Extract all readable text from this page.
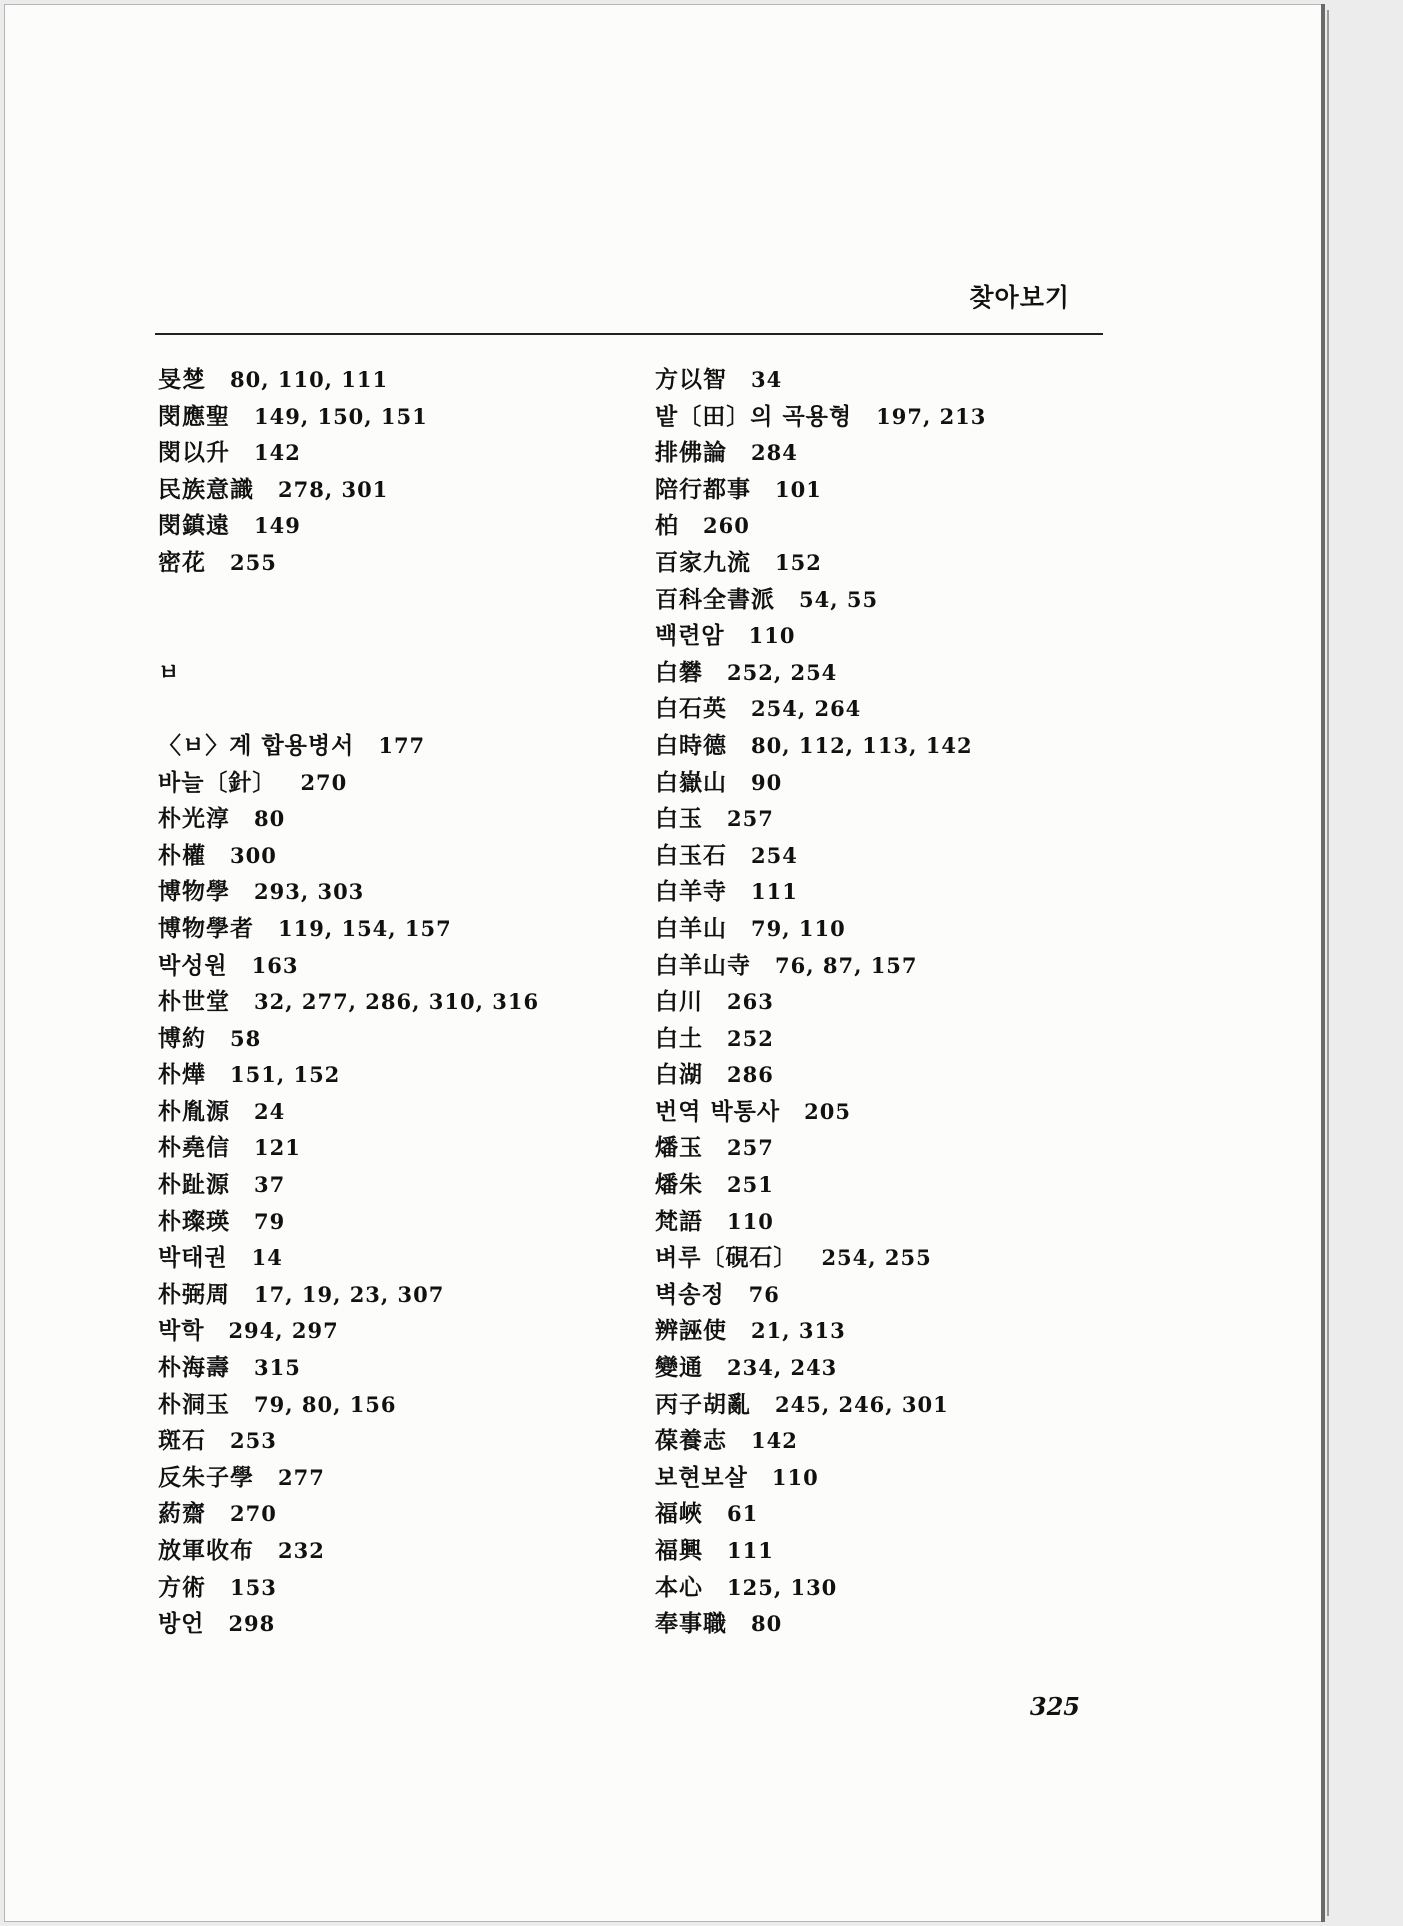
찾아보기
旻椘 80, 110, 111
閔應聖 149, 150, 151
閔以升 142
民族意識 278, 301
閔鎮遠 149
密花 255
ㅂ
〈ㅂ〉계 합용병서 177
바늘〔針〕 270
朴光淳 80
朴權 300
博物學 293, 303
博物學者 119, 154, 157
박성원 163
朴世堂 32, 277, 286, 310, 316
博約 58
朴燁 151, 152
朴胤源 24
朴堯信 121
朴趾源 37
朴璨瑛 79
박태권 14
朴弼周 17, 19, 23, 307
박학 294, 297
朴海壽 315
朴洞玉 79, 80, 156
斑石 253
反朱子學 277
葯齋 270
放軍收布 232
方術 153
방언 298
方以智 34
밭〔田〕의 곡용형 197, 213
排佛論 284
陪行都事 101
柏 260
百家九流 152
百科全書派 54, 55
백련암 110
白礬 252, 254
白石英 254, 264
白時德 80, 112, 113, 142
白嶽山 90
白玉 257
白玉石 254
白羊寺 111
白羊山 79, 110
白羊山寺 76, 87, 157
白川 263
白土 252
白湖 286
번역 박통사 205
燔玉 257
燔朱 251
梵語 110
벼루〔硯石〕 254, 255
벽송정 76
辨誣使 21, 313
變通 234, 243
丙子胡亂 245, 246, 301
葆養志 142
보현보살 110
福峽 61
福興 111
本心 125, 130
奉事職 80
325
